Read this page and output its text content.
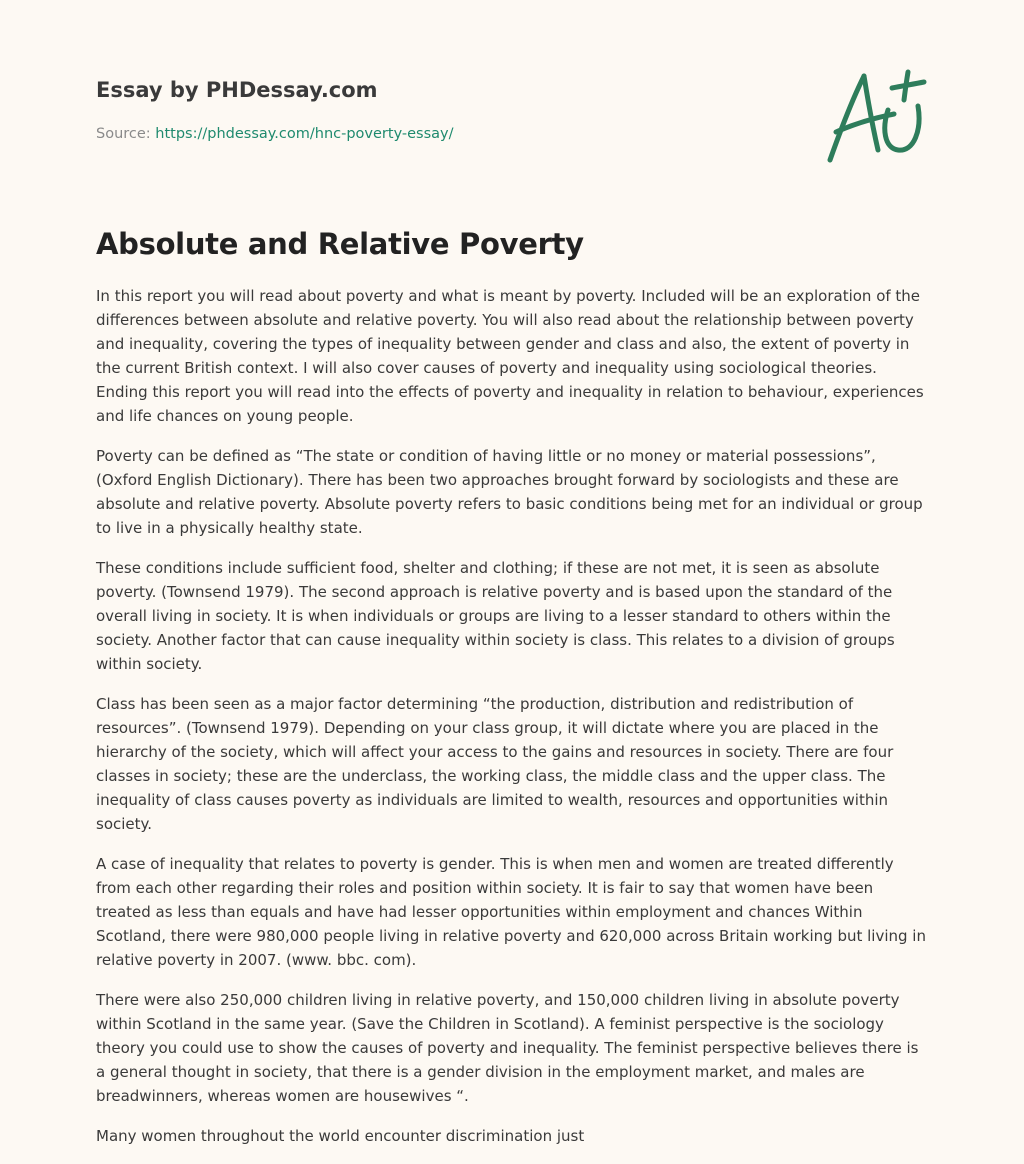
Essay by PHDessay.com
Source: https://phdessay.com/hnc-poverty-essay/
Absolute and Relative Poverty

In this report you will read about poverty and what is meant by poverty. Included will be an exploration of the differences between absolute and relative poverty. You will also read about the relationship between poverty and inequality, covering the types of inequality between gender and class and also, the extent of poverty in the current British context. I will also cover causes of poverty and inequality using sociological theories. Ending this report you will read into the effects of poverty and inequality in relation to behaviour, experiences and life chances on young people.

Poverty can be defined as “The state or condition of having little or no money or material possessions”, (Oxford English Dictionary). There has been two approaches brought forward by sociologists and these are absolute and relative poverty. Absolute poverty refers to basic conditions being met for an individual or group to live in a physically healthy state.

These conditions include sufficient food, shelter and clothing; if these are not met, it is seen as absolute poverty. (Townsend 1979). The second approach is relative poverty and is based upon the standard of the overall living in society. It is when individuals or groups are living to a lesser standard to others within the society. Another factor that can cause inequality within society is class. This relates to a division of groups within society.

Class has been seen as a major factor determining “the production, distribution and redistribution of resources”. (Townsend 1979). Depending on your class group, it will dictate where you are placed in the hierarchy of the society, which will affect your access to the gains and resources in society. There are four classes in society; these are the underclass, the working class, the middle class and the upper class. The inequality of class causes poverty as individuals are limited to wealth, resources and opportunities within society.

A case of inequality that relates to poverty is gender. This is when men and women are treated differently from each other regarding their roles and position within society. It is fair to say that women have been treated as less than equals and have had lesser opportunities within employment and chances Within Scotland, there were 980,000 people living in relative poverty and 620,000 across Britain working but living in relative poverty in 2007. (www. bbc. com).

There were also 250,000 children living in relative poverty, and 150,000 children living in absolute poverty within Scotland in the same year. (Save the Children in Scotland). A feminist perspective is the sociology theory you could use to show the causes of poverty and inequality. The feminist perspective believes there is a general thought in society, that there is a gender division in the employment market, and males are breadwinners, whereas women are housewives “.

Many women throughout the world encounter discrimination just
